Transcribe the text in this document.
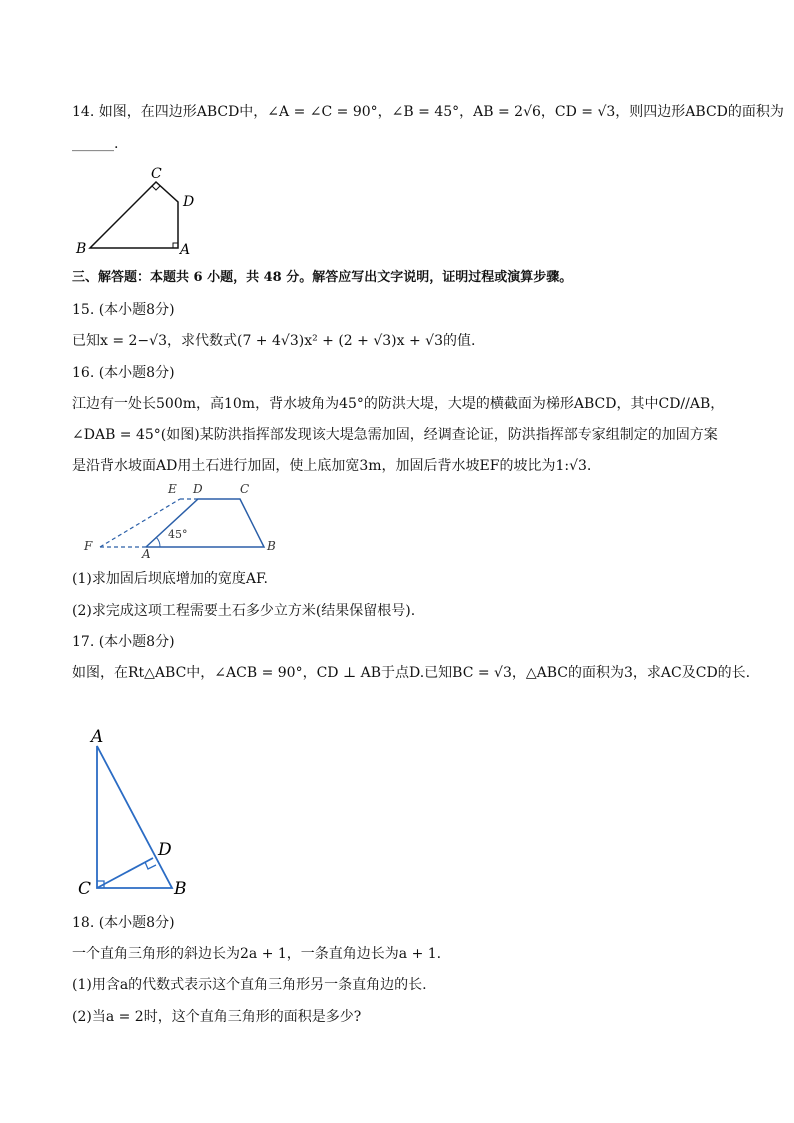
14. 如图，在四边形ABCD中，∠A = ∠C = 90°，∠B = 45°，AB = 2√6，CD = √3，则四边形ABCD的面积为
______.
C
D
B	A
三、解答题：本题共 6 小题，共 48 分。解答应写出文字说明，证明过程或演算步骤。
15. (本小题8分)
已知x = 2−√3，求代数式(7 + 4√3)x² + (2 + √3)x + √3的值.
16. (本小题8分)
江边有一处长500m，高10m，背水坡角为45°的防洪大堤，大堤的横截面为梯形ABCD，其中CD//AB，
∠DAB = 45°(如图)某防洪指挥部发现该大堤急需加固，经调查论证，防洪指挥部专家组制定的加固方案
是沿背水坡面AD用土石进行加固，使上底加宽3m，加固后背水坡EF的坡比为1:√3.
E D	C
F
A
B
45°
(1)求加固后坝底增加的宽度AF.
(2)求完成这项工程需要土石多少立方米(结果保留根号).
17. (本小题8分)
如图，在Rt△ABC中，∠ACB = 90°，CD ⊥ AB于点D.已知BC = √3，△ABC的面积为3，求AC及CD的长.
A
D
C	B
18. (本小题8分)
一个直角三角形的斜边长为2a + 1，一条直角边长为a + 1.
(1)用含a的代数式表示这个直角三角形另一条直角边的长.
(2)当a = 2时，这个直角三角形的面积是多少?
